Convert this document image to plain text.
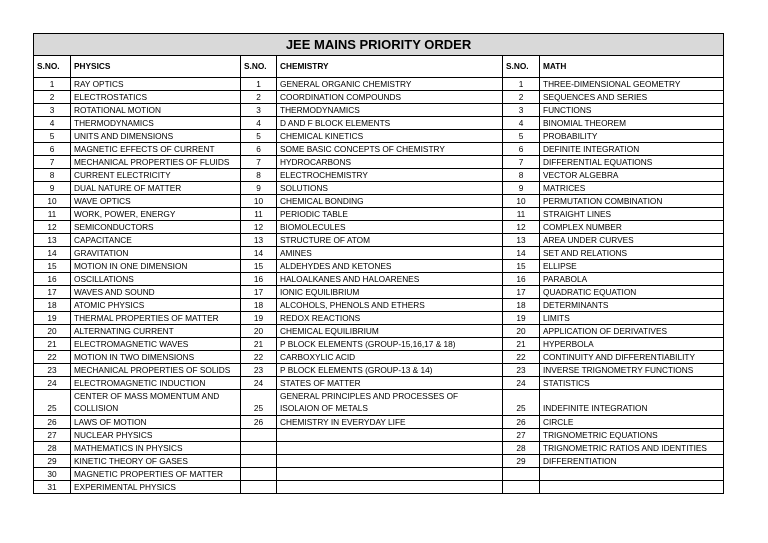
JEE MAINS PRIORITY ORDER					
S.NO.	PHYSICS	S.NO.	CHEMISTRY	S.NO.	MATH
1	RAY OPTICS	1	GENERAL ORGANIC CHEMISTRY	1	THREE-DIMENSIONAL GEOMETRY
2	ELECTROSTATICS	2	COORDINATION COMPOUNDS	2	SEQUENCES AND SERIES
3	ROTATIONAL MOTION	3	THERMODYNAMICS	3	FUNCTIONS
4	THERMODYNAMICS	4	D AND F BLOCK ELEMENTS	4	BINOMIAL THEOREM
5	UNITS AND DIMENSIONS	5	CHEMICAL KINETICS	5	PROBABILITY
6	MAGNETIC EFFECTS OF CURRENT	6	SOME BASIC CONCEPTS OF CHEMISTRY	6	DEFINITE INTEGRATION
7	MECHANICAL PROPERTIES OF FLUIDS	7	HYDROCARBONS	7	DIFFERENTIAL EQUATIONS
8	CURRENT ELECTRICITY	8	ELECTROCHEMISTRY	8	VECTOR ALGEBRA
9	DUAL NATURE OF MATTER	9	SOLUTIONS	9	MATRICES
10	WAVE OPTICS	10	CHEMICAL BONDING	10	PERMUTATION COMBINATION
11	WORK, POWER, ENERGY	11	PERIODIC TABLE	11	STRAIGHT LINES
12	SEMICONDUCTORS	12	BIOMOLECULES	12	COMPLEX NUMBER
13	CAPACITANCE	13	STRUCTURE OF ATOM	13	AREA UNDER CURVES
14	GRAVITATION	14	AMINES	14	SET AND RELATIONS
15	MOTION IN ONE DIMENSION	15	ALDEHYDES AND KETONES	15	ELLIPSE
16	OSCILLATIONS	16	HALOALKANES AND HALOARENES	16	PARABOLA
17	WAVES AND SOUND	17	IONIC EQUILIBRIUM	17	QUADRATIC EQUATION
18	ATOMIC PHYSICS	18	ALCOHOLS, PHENOLS AND ETHERS	18	DETERMINANTS
19	THERMAL PROPERTIES OF MATTER	19	REDOX REACTIONS	19	LIMITS
20	ALTERNATING CURRENT	20	CHEMICAL EQUILIBRIUM	20	APPLICATION OF DERIVATIVES
21	ELECTROMAGNETIC WAVES	21	P BLOCK ELEMENTS (GROUP-15,16,17 & 18)	21	HYPERBOLA
22	MOTION IN TWO DIMENSIONS	22	CARBOXYLIC ACID	22	CONTINUITY AND DIFFERENTIABILITY
23	MECHANICAL PROPERTIES OF SOLIDS	23	P BLOCK ELEMENTS (GROUP-13 & 14)	23	INVERSE TRIGNOMETRY FUNCTIONS
24	ELECTROMAGNETIC INDUCTION	24	STATES OF MATTER	24	STATISTICS
25	CENTER OF MASS MOMENTUM AND COLLISION	25	GENERAL PRINCIPLES AND PROCESSES OF ISOLAION OF METALS	25	INDEFINITE INTEGRATION
26	LAWS OF MOTION	26	CHEMISTRY IN EVERYDAY LIFE	26	CIRCLE
27	NUCLEAR PHYSICS			27	TRIGNOMETRIC EQUATIONS
28	MATHEMATICS IN PHYSICS			28	TRIGNOMETRIC RATIOS AND IDENTITIES
29	KINETIC THEORY OF GASES			29	DIFFERENTIATION
30	MAGNETIC PROPERTIES OF MATTER				
31	EXPERIMENTAL PHYSICS				
